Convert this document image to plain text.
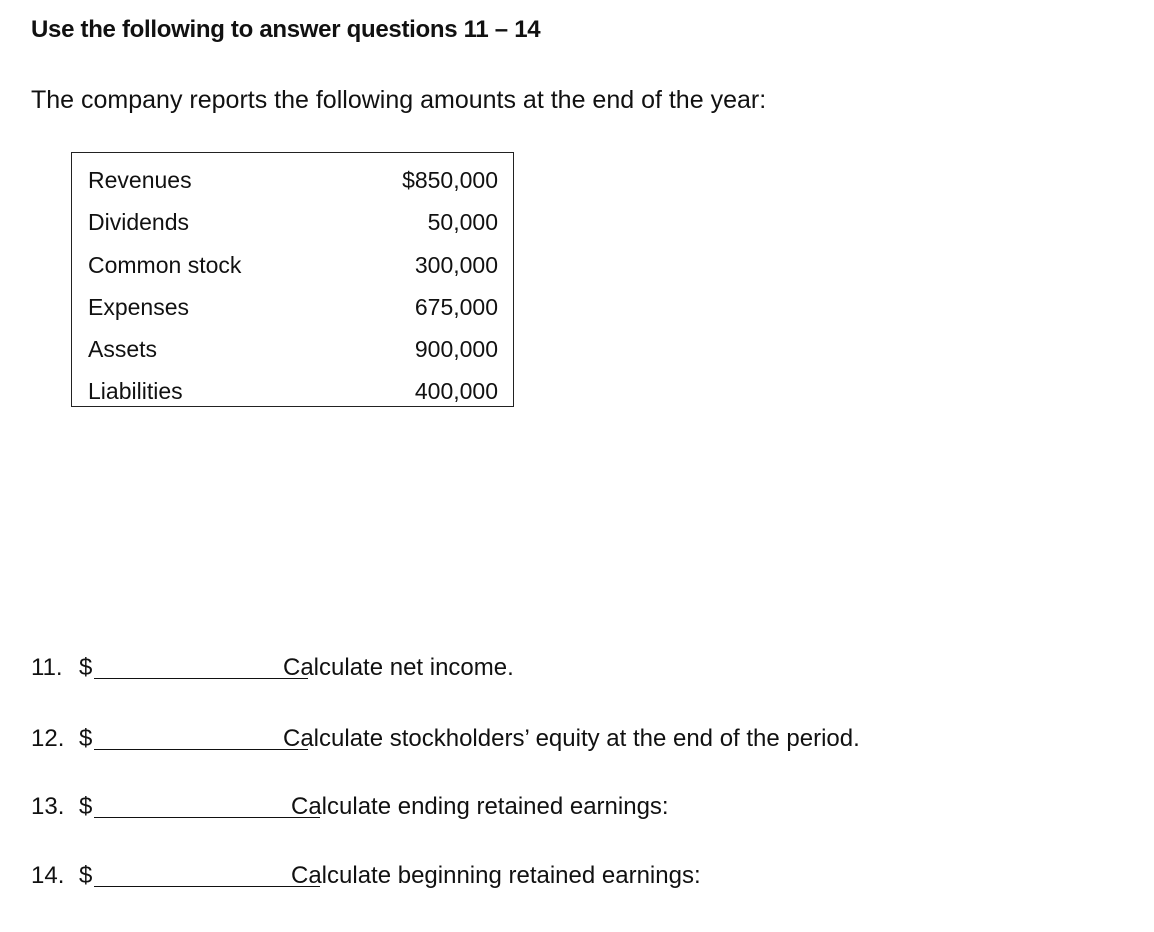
Use the following to answer questions 11 – 14
The company reports the following amounts at the end of the year:
Revenues	$850,000
Dividends	50,000
Common stock	300,000
Expenses	675,000
Assets	900,000
Liabilities	400,000
11. $	Calculate net income.
12. $	Calculate stockholders’ equity at the end of the period.
13. $	Calculate ending retained earnings:
14. $	Calculate beginning retained earnings:
